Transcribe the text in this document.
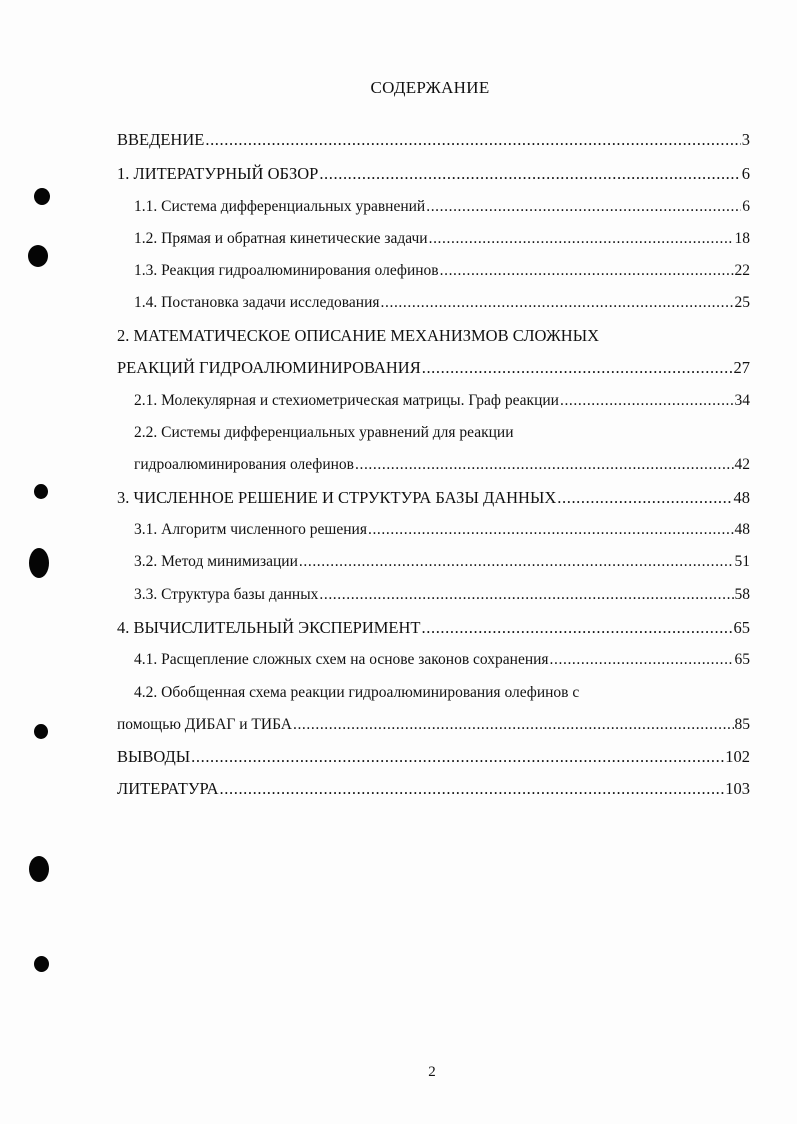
СОДЕРЖАНИЕ
ВВЕДЕНИЕ .....	3
1. ЛИТЕРАТУРНЫЙ ОБЗОР .....	6
1.1. Система дифференциальных уравнений .....	6
1.2. Прямая и обратная кинетические задачи .....	18
1.3. Реакция гидроалюминирования олефинов .....	22
1.4. Постановка задачи исследования .....	25
2. МАТЕМАТИЧЕСКОЕ ОПИСАНИЕ МЕХАНИЗМОВ СЛОЖНЫХ
РЕАКЦИЙ ГИДРОАЛЮМИНИРОВАНИЯ .....	27
2.1. Молекулярная и стехиометрическая матрицы. Граф реакции .....	34
2.2. Системы дифференциальных уравнений для реакции
гидроалюминирования олефинов .....	42
3. ЧИСЛЕННОЕ РЕШЕНИЕ И СТРУКТУРА БАЗЫ ДАННЫХ .....	48
3.1. Алгоритм численного решения .....	48
3.2. Метод минимизации .....	51
3.3. Структура базы данных .....	58
4. ВЫЧИСЛИТЕЛЬНЫЙ ЭКСПЕРИМЕНТ .....	65
4.1. Расщепление сложных схем на основе законов сохранения .....	65
4.2. Обобщенная схема реакции гидроалюминирования олефинов с
помощью ДИБАГ и ТИБА .....	85
ВЫВОДЫ .....	102
ЛИТЕРАТУРА .....	103
2
